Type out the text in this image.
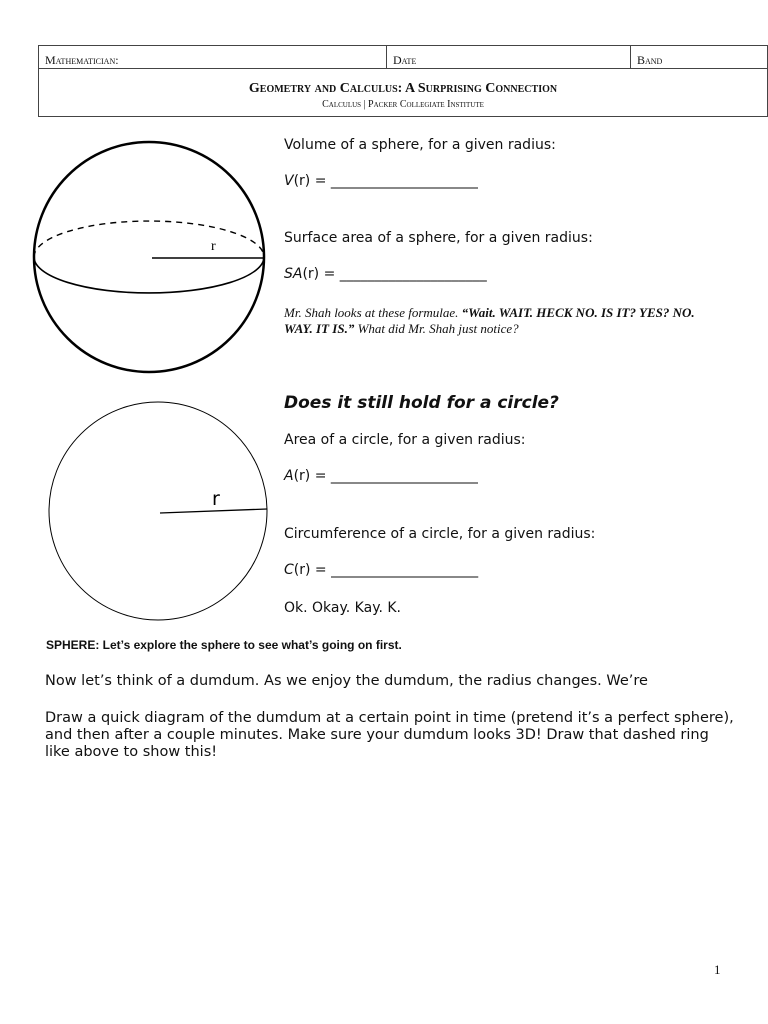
Mathematician:	Date	Band

Geometry and Calculus: A Surprising Connection
Calculus | Packer Collegiate Institute
r
Volume of a sphere, for a given radius:
V(r) = _____________________
Surface area of a sphere, for a given radius:
SA(r) = _____________________
Mr. Shah looks at these formulae. “Wait. WAIT. HECK NO. IS IT? YES? NO. WAY. IT IS.” What did Mr. Shah just notice?
r
Does it still hold for a circle?
Area of a circle, for a given radius:
A(r) = _____________________
Circumference of a circle, for a given radius:
C(r) = _____________________
Ok. Okay. Kay. K.
SPHERE: Let’s explore the sphere to see what’s going on first.
Now let’s think of a dumdum. As we enjoy the dumdum, the radius changes. We’re
Draw a quick diagram of the dumdum at a certain point in time (pretend it’s a perfect sphere), and then after a couple minutes. Make sure your dumdum looks 3D! Draw that dashed ring like above to show this!
1
